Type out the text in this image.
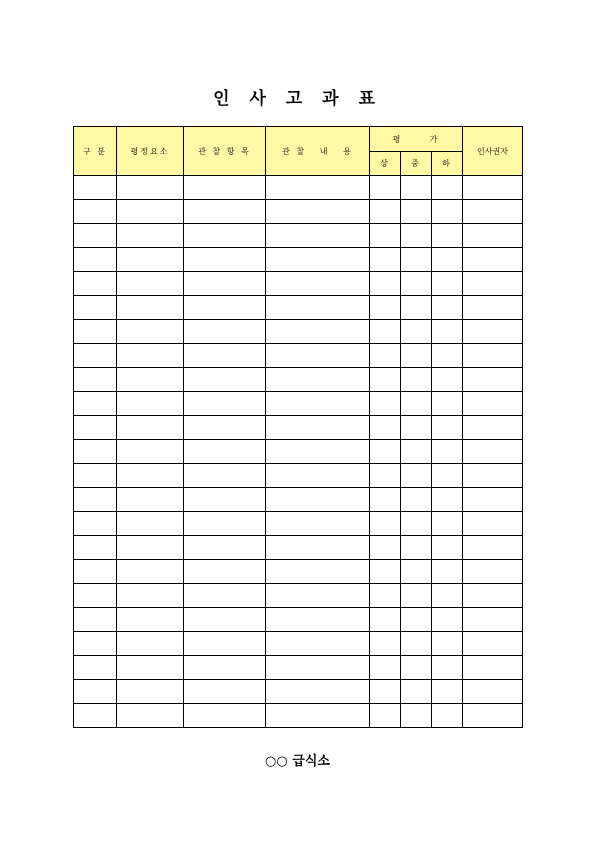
인 사 고 과 표
구 분	평정요소	관 찰 항 목	관 찰   내   용	평      가			인사권자
				상	중	하	

○○ 급식소
